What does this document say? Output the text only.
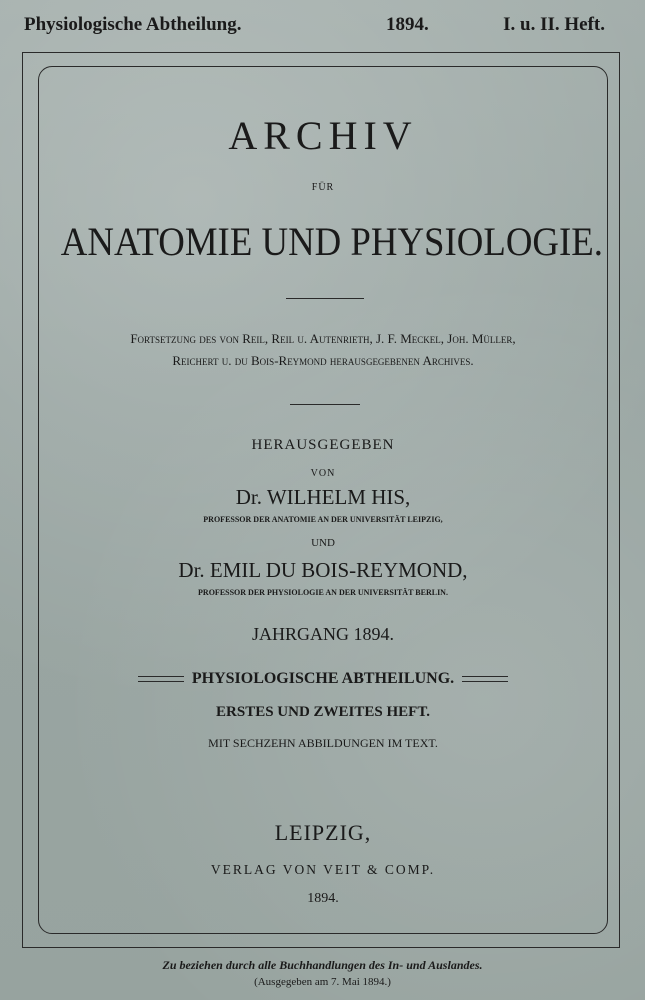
Physiologische Abtheilung.	1894.	I. u. II. Heft.
ARCHIV
FÜR
ANATOMIE UND PHYSIOLOGIE.
Fortsetzung des von Reil, Reil u. Autenrieth, J. F. Meckel, Joh. Müller,
Reichert u. du Bois-Reymond herausgegebenen Archives.
HERAUSGEGEBEN
VON
Dr. WILHELM HIS,
PROFESSOR DER ANATOMIE AN DER UNIVERSITÄT LEIPZIG,
UND
Dr. EMIL DU BOIS-REYMOND,
PROFESSOR DER PHYSIOLOGIE AN DER UNIVERSITÄT BERLIN.
JAHRGANG 1894.
PHYSIOLOGISCHE ABTHEILUNG.
ERSTES UND ZWEITES HEFT.
MIT SECHZEHN ABBILDUNGEN IM TEXT.
LEIPZIG,
VERLAG VON VEIT & COMP.
1894.
Zu beziehen durch alle Buchhandlungen des In- und Auslandes.
(Ausgegeben am 7. Mai 1894.)
